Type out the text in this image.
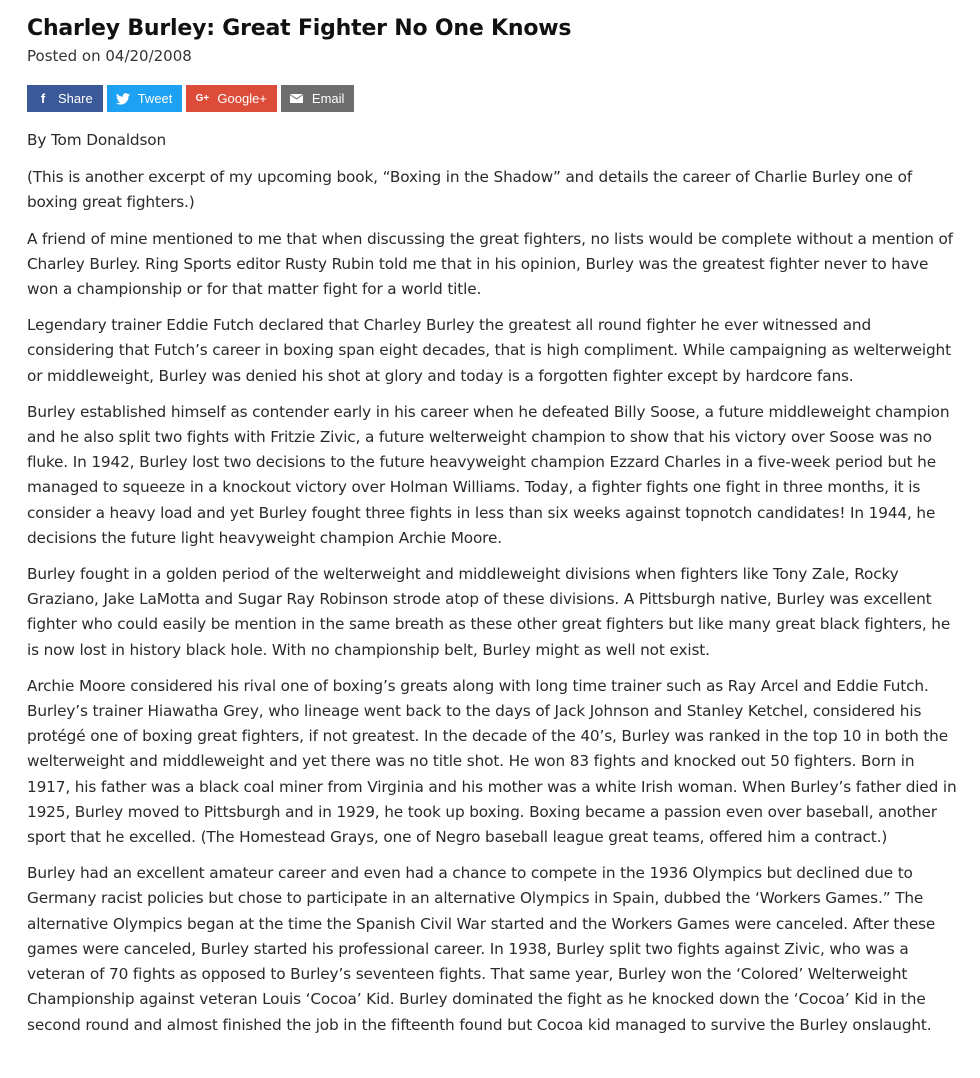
Charley Burley: Great Fighter No One Knows
Posted on 04/20/2008
f Share	Tweet G+ Google+	Email

By Tom Donaldson

(This is another excerpt of my upcoming book, “Boxing in the Shadow” and details the career of Charlie Burley one of boxing great fighters.)

A friend of mine mentioned to me that when discussing the great fighters, no lists would be complete without a mention of Charley Burley. Ring Sports editor Rusty Rubin told me that in his opinion, Burley was the greatest fighter never to have won a championship or for that matter fight for a world title.

Legendary trainer Eddie Futch declared that Charley Burley the greatest all round fighter he ever witnessed and considering that Futch’s career in boxing span eight decades, that is high compliment. While campaigning as welterweight or middleweight, Burley was denied his shot at glory and today is a forgotten fighter except by hardcore fans.

Burley established himself as contender early in his career when he defeated Billy Soose, a future middleweight champion and he also split two fights with Fritzie Zivic, a future welterweight champion to show that his victory over Soose was no fluke. In 1942, Burley lost two decisions to the future heavyweight champion Ezzard Charles in a five-week period but he managed to squeeze in a knockout victory over Holman Williams. Today, a fighter fights one fight in three months, it is consider a heavy load and yet Burley fought three fights in less than six weeks against topnotch candidates! In 1944, he decisions the future light heavyweight champion Archie Moore.

Burley fought in a golden period of the welterweight and middleweight divisions when fighters like Tony Zale, Rocky Graziano, Jake LaMotta and Sugar Ray Robinson strode atop of these divisions. A Pittsburgh native, Burley was excellent fighter who could easily be mention in the same breath as these other great fighters but like many great black fighters, he is now lost in history black hole. With no championship belt, Burley might as well not exist.

Archie Moore considered his rival one of boxing’s greats along with long time trainer such as Ray Arcel and Eddie Futch. Burley’s trainer Hiawatha Grey, who lineage went back to the days of Jack Johnson and Stanley Ketchel, considered his protégé one of boxing great fighters, if not greatest. In the decade of the 40’s, Burley was ranked in the top 10 in both the welterweight and middleweight and yet there was no title shot. He won 83 fights and knocked out 50 fighters. Born in 1917, his father was a black coal miner from Virginia and his mother was a white Irish woman. When Burley’s father died in 1925, Burley moved to Pittsburgh and in 1929, he took up boxing. Boxing became a passion even over baseball, another sport that he excelled. (The Homestead Grays, one of Negro baseball league great teams, offered him a contract.)

Burley had an excellent amateur career and even had a chance to compete in the 1936 Olympics but declined due to Germany racist policies but chose to participate in an alternative Olympics in Spain, dubbed the ‘Workers Games.” The alternative Olympics began at the time the Spanish Civil War started and the Workers Games were canceled. After these games were canceled, Burley started his professional career. In 1938, Burley split two fights against Zivic, who was a veteran of 70 fights as opposed to Burley’s seventeen fights. That same year, Burley won the ‘Colored’ Welterweight Championship against veteran Louis ‘Cocoa’ Kid. Burley dominated the fight as he knocked down the ‘Cocoa’ Kid in the second round and almost finished the job in the fifteenth found but Cocoa kid managed to survive the Burley onslaught.
